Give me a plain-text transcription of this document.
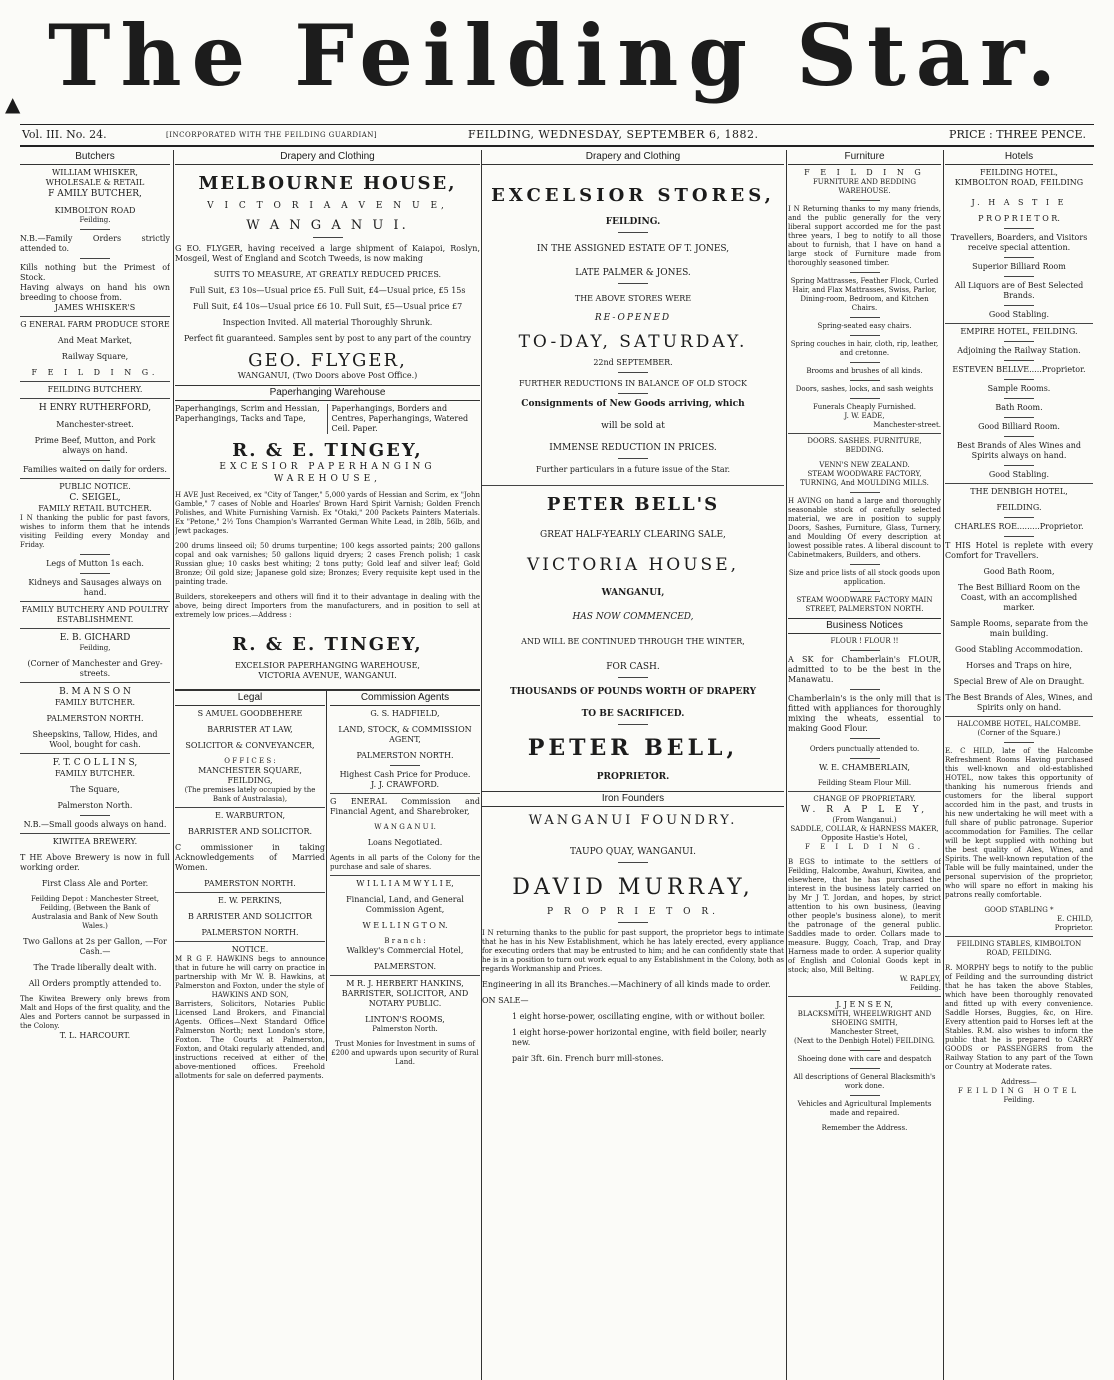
▲ The Feilding Star.
Vol. III. No. 24.	[INCORPORATED WITH THE FEILDING GUARDIAN]	FEILDING, WEDNESDAY, SEPTEMBER 6, 1882.	PRICE : THREE PENCE.
Butchers

WILLIAM WHISKER,

WHOLESALE & RETAIL

F AMILY BUTCHER,

KIMBOLTON ROAD

Feilding.

N.B.—Family Orders strictly attended to.

Kills nothing but the Primest of Stock.

Having always on hand his own breeding to choose from.

JAMES WHISKER'S

G ENERAL FARM PRODUCE STORE

And Meat Market,

Railway Square,

F E I L D I N G.

FEILDING BUTCHERY.

H ENRY RUTHERFORD,

Manchester-street.

Prime Beef, Mutton, and Pork always on hand.

Families waited on daily for orders.

PUBLIC NOTICE.

C. SEIGEL,

FAMILY RETAIL BUTCHER.

I N thanking the public for past favors, wishes to inform them that he intends visiting Feilding every Monday and Friday.

Legs of Mutton 1s each.

Kidneys and Sausages always on hand.

FAMILY BUTCHERY AND POULTRY ESTABLISHMENT.

E. B. GICHARD

Feilding,

(Corner of Manchester and Grey-streets.

B. M A N S O N

FAMILY BUTCHER.

PALMERSTON NORTH.

Sheepskins, Tallow, Hides, and Wool, bought for cash.

F. T. C O L L I N S,

FAMILY BUTCHER.

The Square,

Palmerston North.

N.B.—Small goods always on hand.

KIWITEA BREWERY.

T HE Above Brewery is now in full working order.

First Class Ale and Porter.

Feilding Depot : Manchester Street, Feilding, (Between the Bank of Australasia and Bank of New South Wales.)

Two Gallons at 2s per Gallon, —For Cash.—

The Trade liberally dealt with.

All Orders promptly attended to.

The Kiwitea Brewery only brews from Malt and Hops of the first quality, and the Ales and Porters cannot be surpassed in the Colony.

T. L. HARCOURT.

Drapery and Clothing

MELBOURNE HOUSE,

V I C T O R I A A V E N U E,

W A N G A N U I.

G EO. FLYGER, having received a large shipment of Kaiapoi, Roslyn, Mosgeil, West of England and Scotch Tweeds, is now making

SUITS TO MEASURE, AT GREATLY REDUCED PRICES.

Full Suit, £3 10s—Usual price £5. Full Suit, £4—Usual price, £5 15s

Full Suit, £4 10s—Usual price £6 10. Full Suit, £5—Usual price £7

Inspection Invited. All material Thoroughly Shrunk.

Perfect fit guaranteed. Samples sent by post to any part of the country

GEO. FLYGER,

WANGANUI, (Two Doors above Post Office.)

Paperhanging Warehouse

Paperhangings, Scrim and Hessian, Paperhangings, Tacks and Tape,

Paperhangings, Borders and Centres, Paperhangings, Watered Ceil. Paper.

R. & E. TINGEY,

EXCESIOR PAPERHANGING WAREHOUSE,

H AVE Just Received, ex "City of Tanger," 5,000 yards of Hessian and Scrim, ex "John Gamble," 7 cases of Noble and Hoarles' Brown Hard Spirit Varnish; Golden French Polishes, and White Furnishing Varnish. Ex "Otaki," 200 Packets Painters Materials. Ex "Petone," 2½ Tons Champion's Warranted German White Lead, in 28lb, 56lb, and Jewt packages.

200 drums linseed oil; 50 drums turpentine; 100 kegs assorted paints; 200 gallons copal and oak varnishes; 50 gallons liquid dryers; 2 cases French polish; 1 cask Russian glue; 10 casks best whiting; 2 tons putty; Gold leaf and silver leaf; Gold Bronze; Oil gold size; Japanese gold size; Bronzes; Every requisite kept used in the painting trade.

Builders, storekeepers and others will find it to their advantage in dealing with the above, being direct Importers from the manufacturers, and in position to sell at extremely low prices.—Address :

R. & E. TINGEY,

EXCELSIOR PAPERHANGING WAREHOUSE,

VICTORIA AVENUE, WANGANUI.

Legal

S AMUEL GOODBEHERE

BARRISTER AT LAW,

SOLICITOR & CONVEYANCER,

O F F I C E S :

MANCHESTER SQUARE, FEILDING,

(The premises lately occupied by the Bank of Australasia),

E. WARBURTON,

BARRISTER AND SOLICITOR.

C ommissioner in taking Acknowledgements of Married Women.

PAMERSTON NORTH.

E. W. PERKINS,

B ARRISTER AND SOLICITOR

PALMERSTON NORTH.

NOTICE.

M R G F. HAWKINS begs to announce that in future he will carry on practice in partnership with Mr W. B. Hawkins, at Palmerston and Foxton, under the style of

HAWKINS AND SON,

Barristers, Solicitors, Notaries Public Licensed Land Brokers, and Financial Agents. Offices—Next Standard Office Palmerston North; next London's store, Foxton. The Courts at Palmerston, Foxton, and Otaki regularly attended, and instructions received at either of the above-mentioned offices. Freehold allotments for sale on deferred payments.

Commission Agents

G. S. HADFIELD,

LAND, STOCK, & COMMISSION AGENT,

PALMERSTON NORTH.

Highest Cash Price for Produce.

J. J. CRAWFORD.

G ENERAL Commission and Financial Agent, and Sharebroker,

W A N G A N U I.

Loans Negotiated.

Agents in all parts of the Colony for the purchase and sale of shares.

W I L L I A M W Y L I E,

Financial, Land, and General Commission Agent,

W E L L I N G T O N.

B r a n c h :

Walkley's Commercial Hotel,

PALMERSTON.

M R. J. HERBERT HANKINS,

BARRISTER, SOLICITOR, AND NOTARY PUBLIC.

LINTON'S ROOMS,

Palmerston North.

Trust Monies for Investment in sums of £200 and upwards upon security of Rural Land.

Drapery and Clothing

EXCELSIOR STORES,

FEILDING.

IN THE ASSIGNED ESTATE OF T. JONES,

LATE PALMER & JONES.

THE ABOVE STORES WERE

RE-OPENED

TO-DAY, SATURDAY.

22nd SEPTEMBER.

FURTHER REDUCTIONS IN BALANCE OF OLD STOCK

Consignments of New Goods arriving, which

will be sold at

IMMENSE REDUCTION IN PRICES.

Further particulars in a future issue of the Star.

PETER BELL'S

GREAT HALF-YEARLY CLEARING SALE,

VICTORIA HOUSE,

WANGANUI,

HAS NOW COMMENCED,

AND WILL BE CONTINUED THROUGH THE WINTER,

FOR CASH.

THOUSANDS OF POUNDS WORTH OF DRAPERY

TO BE SACRIFICED.

PETER BELL,

PROPRIETOR.

Iron Founders

WANGANUI FOUNDRY.

TAUPO QUAY, WANGANUI.

DAVID MURRAY,

P R O P R I E T O R.

I N returning thanks to the public for past support, the proprietor begs to intimate that he has in his New Establishment, which he has lately erected, every appliance for executing orders that may be entrusted to him; and he can confidently state that he is in a position to turn out work equal to any Establishment in the Colony, both as regards Workmanship and Prices.

Engineering in all its Branches.—Machinery of all kinds made to order.

ON SALE—

1 eight horse-power, oscillating engine, with or without boiler.

1 eight horse-power horizontal engine, with field boiler, nearly new.

pair 3ft. 6in. French burr mill-stones.

Furniture

F E I L D I N G

FURNITURE AND BEDDING WAREHOUSE.

I N Returning thanks to my many friends, and the public generally for the very liberal support accorded me for the past three years, I beg to notify to all those about to furnish, that I have on hand a large stock of Furniture made from thoroughly seasoned timber.

Spring Mattrasses, Feather Flock, Curled Hair, and Flax Mattrasses, Swiss, Parlor, Dining-room, Bedroom, and Kitchen Chairs.

Spring-seated easy chairs.

Spring couches in hair, cloth, rip, leather, and cretonne.

Brooms and brushes of all kinds.

Doors, sashes, locks, and sash weights

Funerals Cheaply Furnished.

J. W. EADE,

Manchester-street.

DOORS. SASHES. FURNITURE, BEDDING.

VENN'S NEW ZEALAND.

STEAM WOODWARE FACTORY, TURNING, And MOULDING MILLS.

H AVING on hand a large and thoroughly seasonable stock of carefully selected material, we are in position to supply Doors, Sashes, Furniture, Glass, Turnery, and Moulding Of every description at lowest possible rates. A liberal discount to Cabinetmakers, Builders, and others.

Size and price lists of all stock goods upon application.

STEAM WOODWARE FACTORY MAIN STREET, PALMERSTON NORTH.

Business Notices

FLOUR ! FLOUR !!

A SK for Chamberlain's FLOUR, admitted to to be the best in the Manawatu.

Chamberlain's is the only mill that is fitted with appliances for thoroughly mixing the wheats, essential to making Good Flour.

Orders punctually attended to.

W. E. CHAMBERLAIN,

Feilding Steam Flour Mill.

CHANGE OF PROPRIETARY.

W. R A P L E Y,

(From Wanganui.)

SADDLE, COLLAR, & HARNESS MAKER,

Opposite Hastie's Hotel,

F E I L D I N G.

B EGS to intimate to the settlers of Feilding, Halcombe, Awahuri, Kiwitea, and elsewhere, that he has purchased the interest in the business lately carried on by Mr J T. Jordan, and hopes, by strict attention to his own business, (leaving other people's business alone), to merit the patronage of the general public. Saddles made to order. Collars made to measure. Buggy, Coach, Trap, and Dray Harness made to order. A superior quality of English and Colonial Goods kept in stock; also, Mill Belting.

W. RAPLEY,

Feilding.

J. J E N S E N,

BLACKSMITH, WHEELWRIGHT AND SHOEING SMITH,

Manchester Street,

(Next to the Denbigh Hotel) FEILDING.

Shoeing done with care and despatch

All descriptions of General Blacksmith's work done.

Vehicles and Agricultural Implements made and repaired.

Remember the Address.

Hotels

FEILDING HOTEL,

KIMBOLTON ROAD, FEILDING

J. H A S T I E

P R O P R I E T O R.

Travellers, Boarders, and Visitors receive special attention.

Superior Billiard Room

All Liquors are of Best Selected Brands.

Good Stabling.

EMPIRE HOTEL, FEILDING.

Adjoining the Railway Station.

ESTEVEN BELLVE.....Proprietor.

Sample Rooms.

Bath Room.

Good Billiard Room.

Best Brands of Ales Wines and Spirits always on hand.

Good Stabling.

THE DENBIGH HOTEL,

FEILDING.

CHARLES ROE.........Proprietor.

T HIS Hotel is replete with every Comfort for Travellers.

Good Bath Room,

The Best Billiard Room on the Coast, with an accomplished marker.

Sample Rooms, separate from the main building.

Good Stabling Accommodation.

Horses and Traps on hire,

Special Brew of Ale on Draught.

The Best Brands of Ales, Wines, and Spirits only on hand.

HALCOMBE HOTEL, HALCOMBE.

(Corner of the Square.)

E. C HILD, late of the Halcombe Refreshment Rooms Having purchased this well-known and old-established HOTEL, now takes this opportunity of thanking his numerous friends and customers for the liberal support accorded him in the past, and trusts in his new undertaking he will meet with a full share of public patronage. Superior accommodation for Families. The cellar will be kept supplied with nothing but the best quality of Ales, Wines, and Spirits. The well-known reputation of the Table will be fully maintained, under the personal supervision of the proprietor, who will spare no effort in making his patrons really comfortable.

GOOD STABLING *

E. CHILD,

Proprietor.

FEILDING STABLES, KIMBOLTON ROAD, FEILDING.

R. MORPHY begs to notify to the public of Feilding and the surrounding district that he has taken the above Stables, which have been thoroughly renovated and fitted up with every convenience. Saddle Horses, Buggies, &c, on Hire. Every attention paid to Horses left at the Stables. R.M. also wishes to inform the public that he is prepared to CARRY GOODS or PASSENGERS from the Railway Station to any part of the Town or Country at Moderate rates.

Address—

FEILDING HOTEL

Feilding.
